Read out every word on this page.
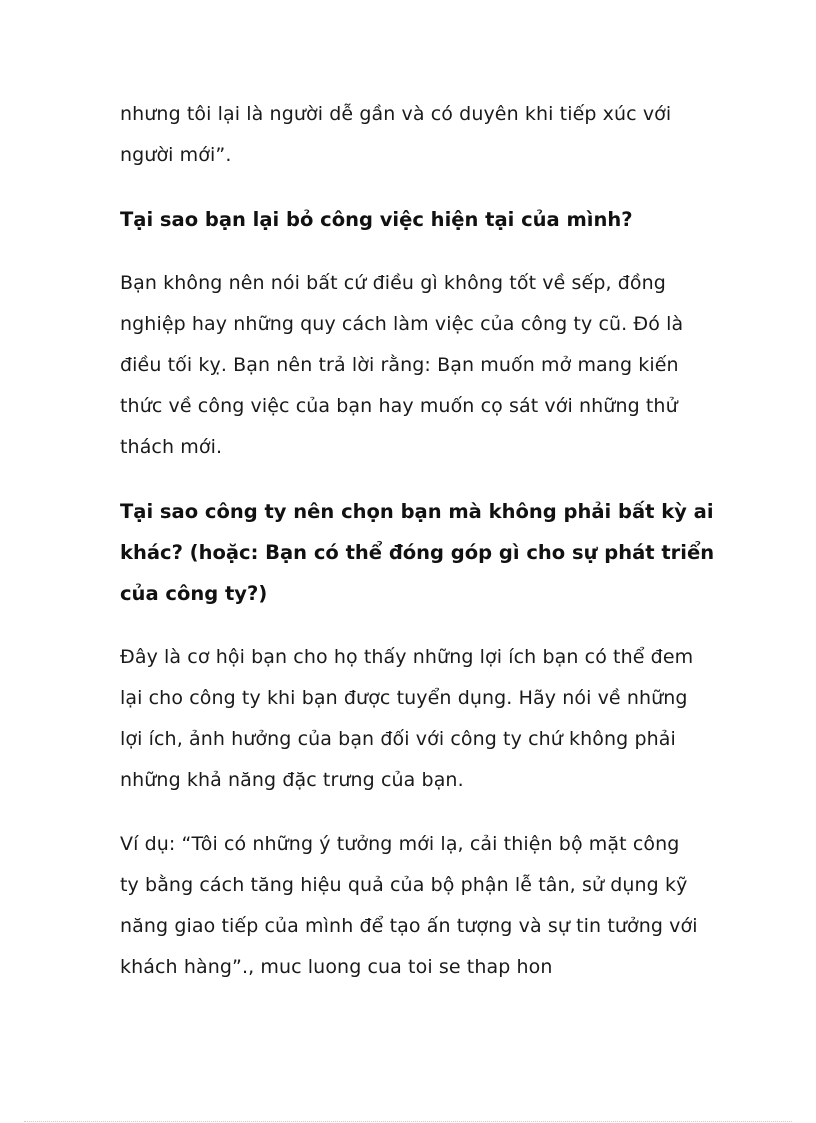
nhưng tôi lại là người dễ gần và có duyên khi tiếp xúc với
người mới”.

Tại sao bạn lại bỏ công việc hiện tại của mình?

Bạn không nên nói bất cứ điều gì không tốt về sếp, đồng
nghiệp hay những quy cách làm việc của công ty cũ. Đó là
điều tối kỵ. Bạn nên trả lời rằng: Bạn muốn mở mang kiến
thức về công việc của bạn hay muốn cọ sát với những thử
thách mới.

Tại sao công ty nên chọn bạn mà không phải bất kỳ ai
khác? (hoặc: Bạn có thể đóng góp gì cho sự phát triển
của công ty?)

Đây là cơ hội bạn cho họ thấy những lợi ích bạn có thể đem
lại cho công ty khi bạn được tuyển dụng. Hãy nói về những
lợi ích, ảnh hưởng của bạn đối với công ty chứ không phải
những khả năng đặc trưng của bạn.

Ví dụ: “Tôi có những ý tưởng mới lạ, cải thiện bộ mặt công
ty bằng cách tăng hiệu quả của bộ phận lễ tân, sử dụng kỹ
năng giao tiếp của mình để tạo ấn tượng và sự tin tưởng với
khách hàng”., muc luong cua toi se thap hon
